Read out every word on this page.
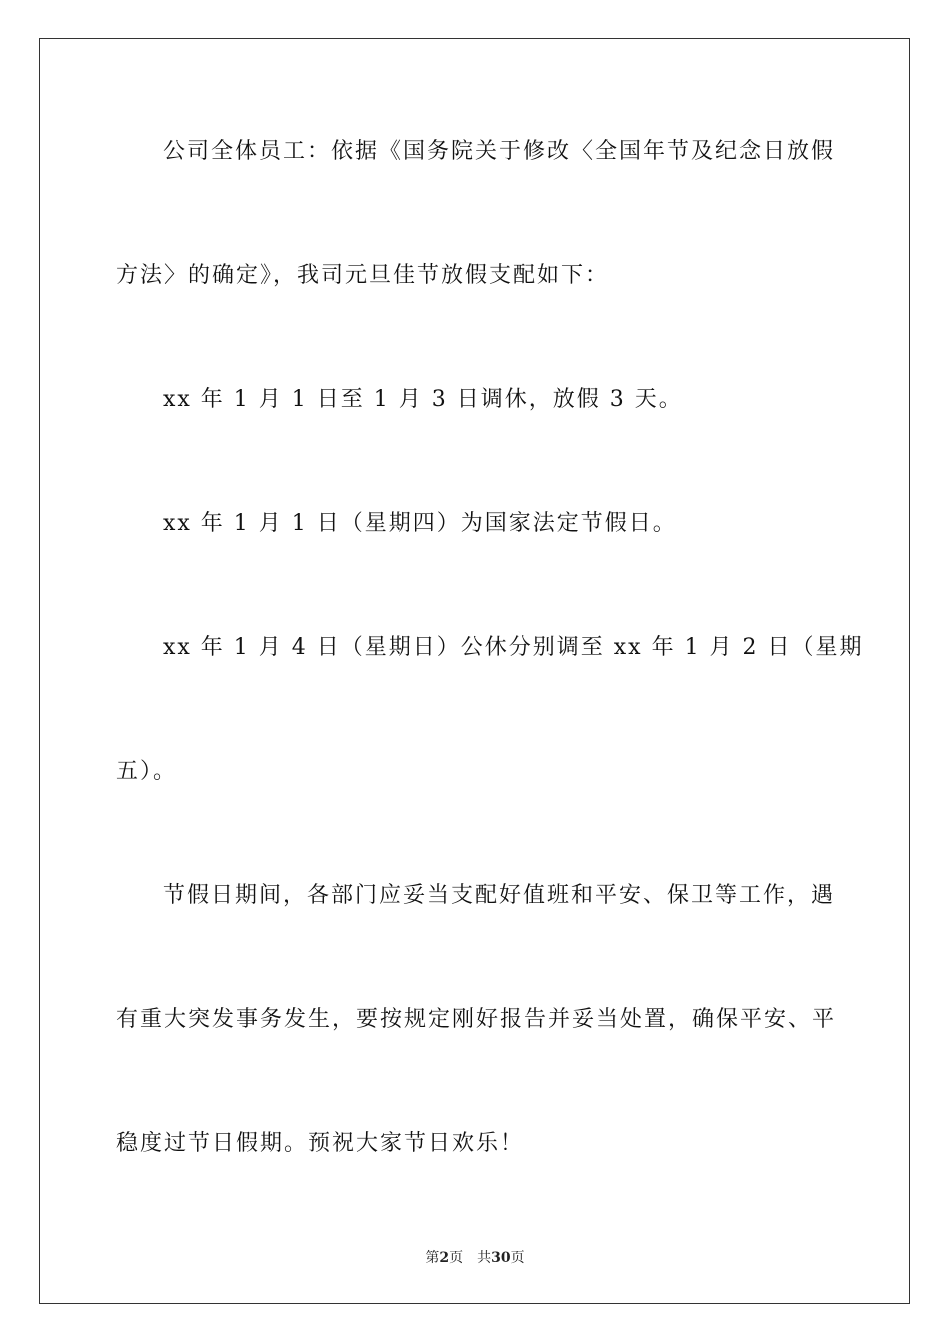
公司全体员工：依据《国务院关于修改〈全国年节及纪念日放假
方法〉的确定》，我司元旦佳节放假支配如下：
xx 年 1 月 1 日至 1 月 3 日调休，放假 3 天。
xx 年 1 月 1 日（星期四）为国家法定节假日。
xx 年 1 月 4 日（星期日）公休分别调至 xx 年 1 月 2 日（星期
五）。
节假日期间，各部门应妥当支配好值班和平安、保卫等工作，遇
有重大突发事务发生，要按规定刚好报告并妥当处置，确保平安、平
稳度过节日假期。预祝大家节日欢乐！
第2页　共30页
